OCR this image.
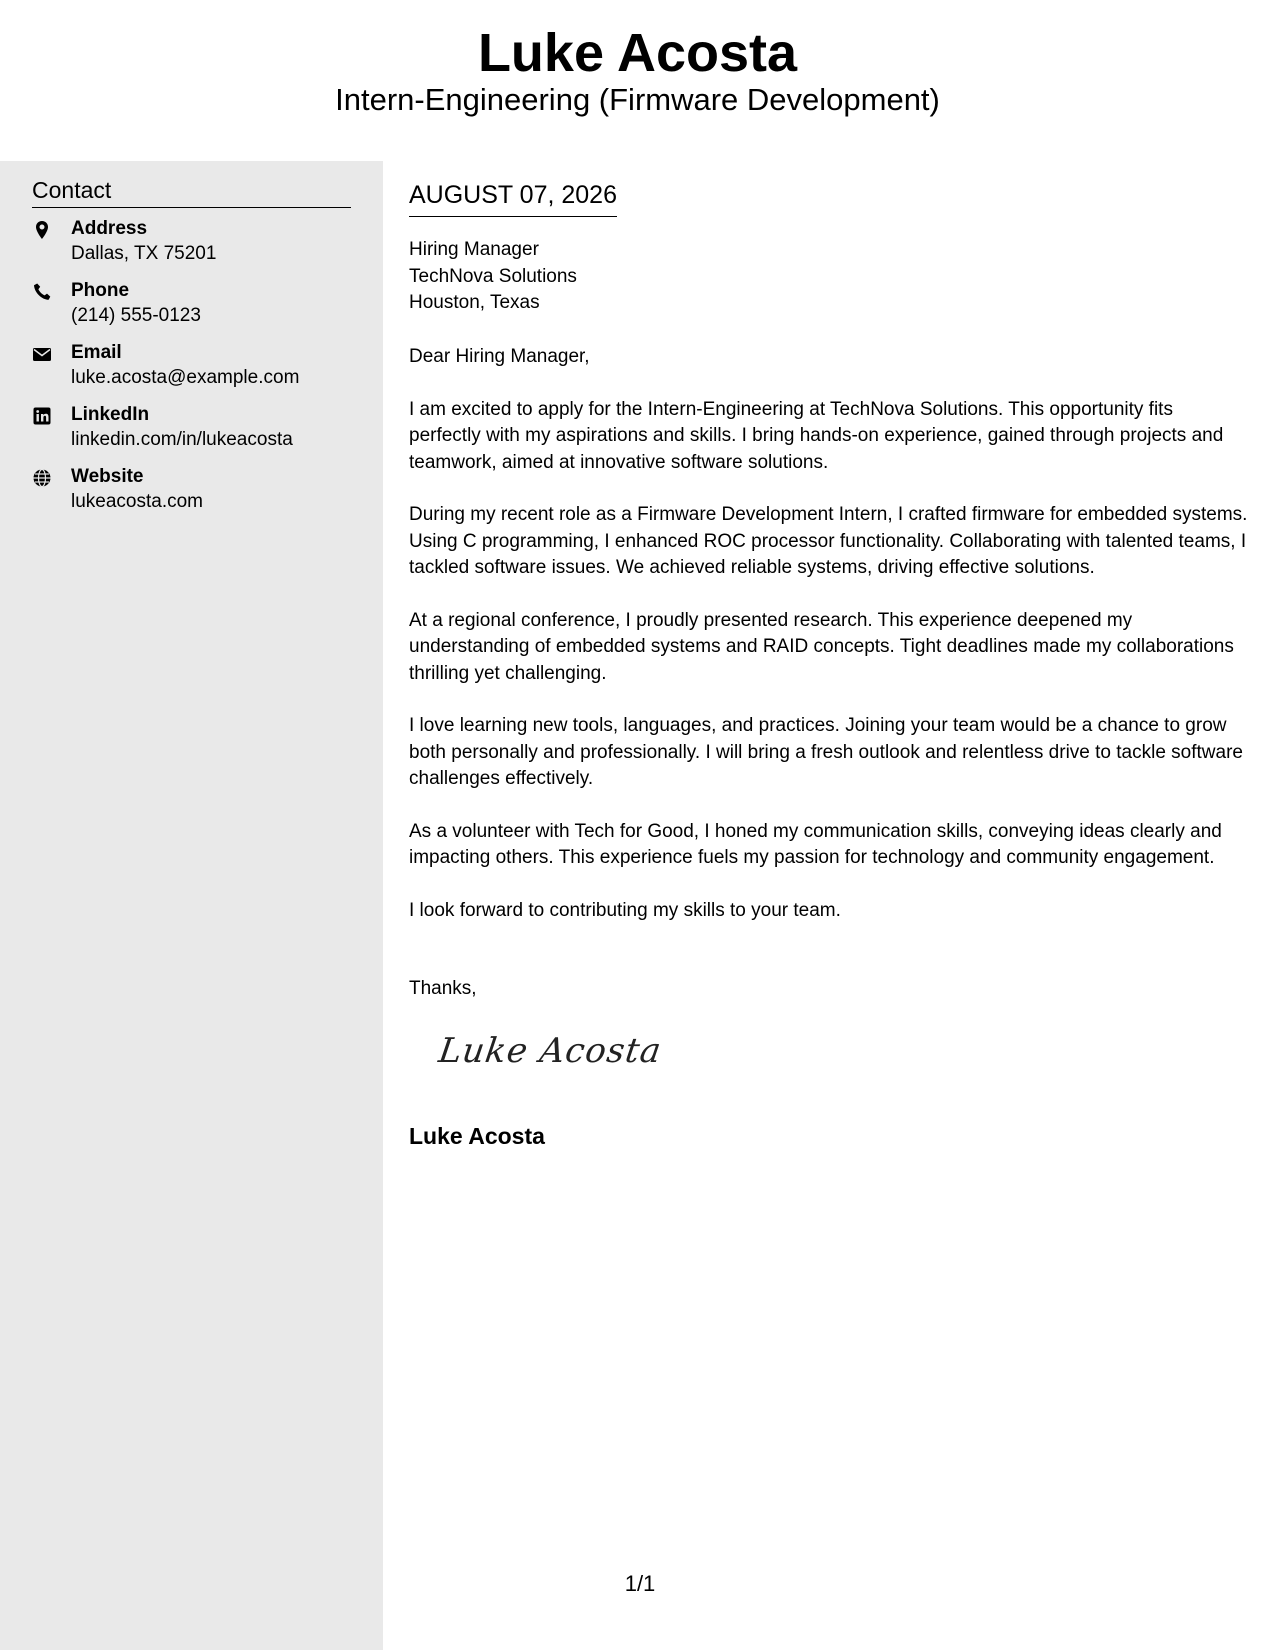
Luke Acosta
Intern-Engineering (Firmware Development)
Contact
Address
Dallas, TX 75201
Phone
(214) 555-0123
Email
luke.acosta@example.com
LinkedIn
linkedin.com/in/lukeacosta
Website
lukeacosta.com
AUGUST 07, 2026
Hiring Manager
TechNova Solutions
Houston, Texas

Dear Hiring Manager,

I am excited to apply for the Intern-Engineering at TechNova Solutions. This opportunity fits perfectly with my aspirations and skills. I bring hands-on experience, gained through projects and teamwork, aimed at innovative software solutions.

During my recent role as a Firmware Development Intern, I crafted firmware for embedded systems. Using C programming, I enhanced ROC processor functionality. Collaborating with talented teams, I tackled software issues. We achieved reliable systems, driving effective solutions.

At a regional conference, I proudly presented research. This experience deepened my understanding of embedded systems and RAID concepts. Tight deadlines made my collaborations thrilling yet challenging.

I love learning new tools, languages, and practices. Joining your team would be a chance to grow both personally and professionally. I will bring a fresh outlook and relentless drive to tackle software challenges effectively.

As a volunteer with Tech for Good, I honed my communication skills, conveying ideas clearly and impacting others. This experience fuels my passion for technology and community engagement.

I look forward to contributing my skills to your team.

Thanks,
Luke Acosta
Luke Acosta
1/1
